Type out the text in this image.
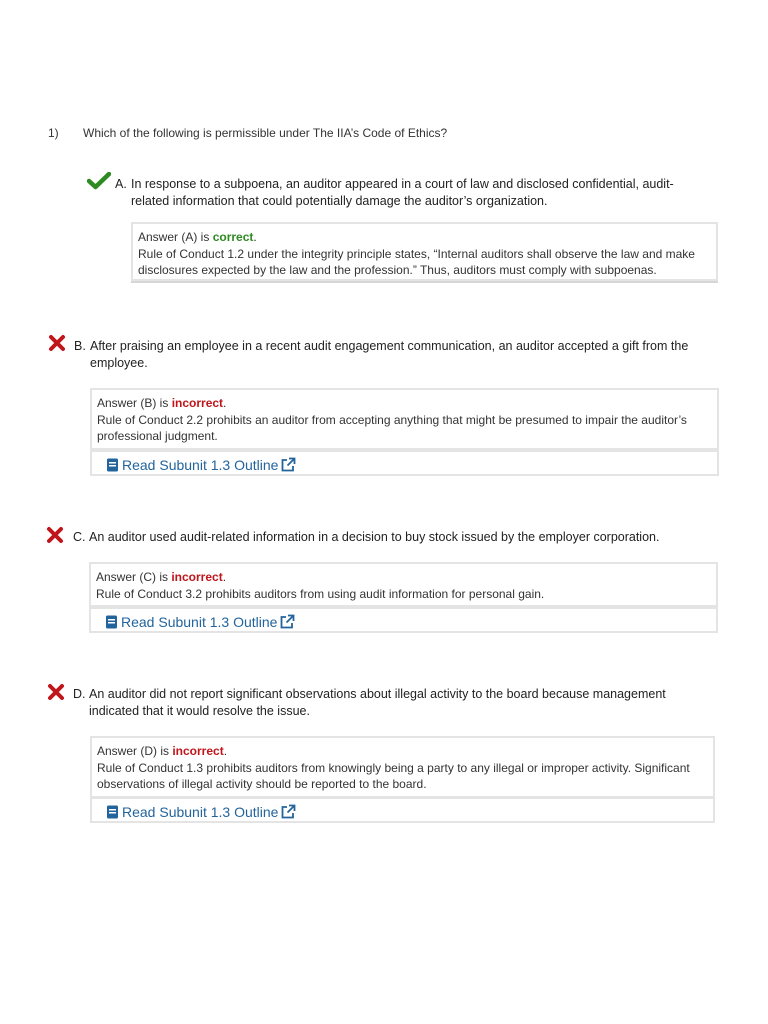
1) Which of the following is permissible under The IIA’s Code of Ethics?
A. In response to a subpoena, an auditor appeared in a court of law and disclosed confidential, audit-related information that could potentially damage the auditor’s organization.
Answer (A) is correct.
Rule of Conduct 1.2 under the integrity principle states, “Internal auditors shall observe the law and make disclosures expected by the law and the profession.” Thus, auditors must comply with subpoenas.
B. After praising an employee in a recent audit engagement communication, an auditor accepted a gift from the employee.
Answer (B) is incorrect.
Rule of Conduct 2.2 prohibits an auditor from accepting anything that might be presumed to impair the auditor’s professional judgment.
Read Subunit 1.3 Outline
C. An auditor used audit-related information in a decision to buy stock issued by the employer corporation.
Answer (C) is incorrect.
Rule of Conduct 3.2 prohibits auditors from using audit information for personal gain.
Read Subunit 1.3 Outline
D. An auditor did not report significant observations about illegal activity to the board because management indicated that it would resolve the issue.
Answer (D) is incorrect.
Rule of Conduct 1.3 prohibits auditors from knowingly being a party to any illegal or improper activity. Significant observations of illegal activity should be reported to the board.
Read Subunit 1.3 Outline
